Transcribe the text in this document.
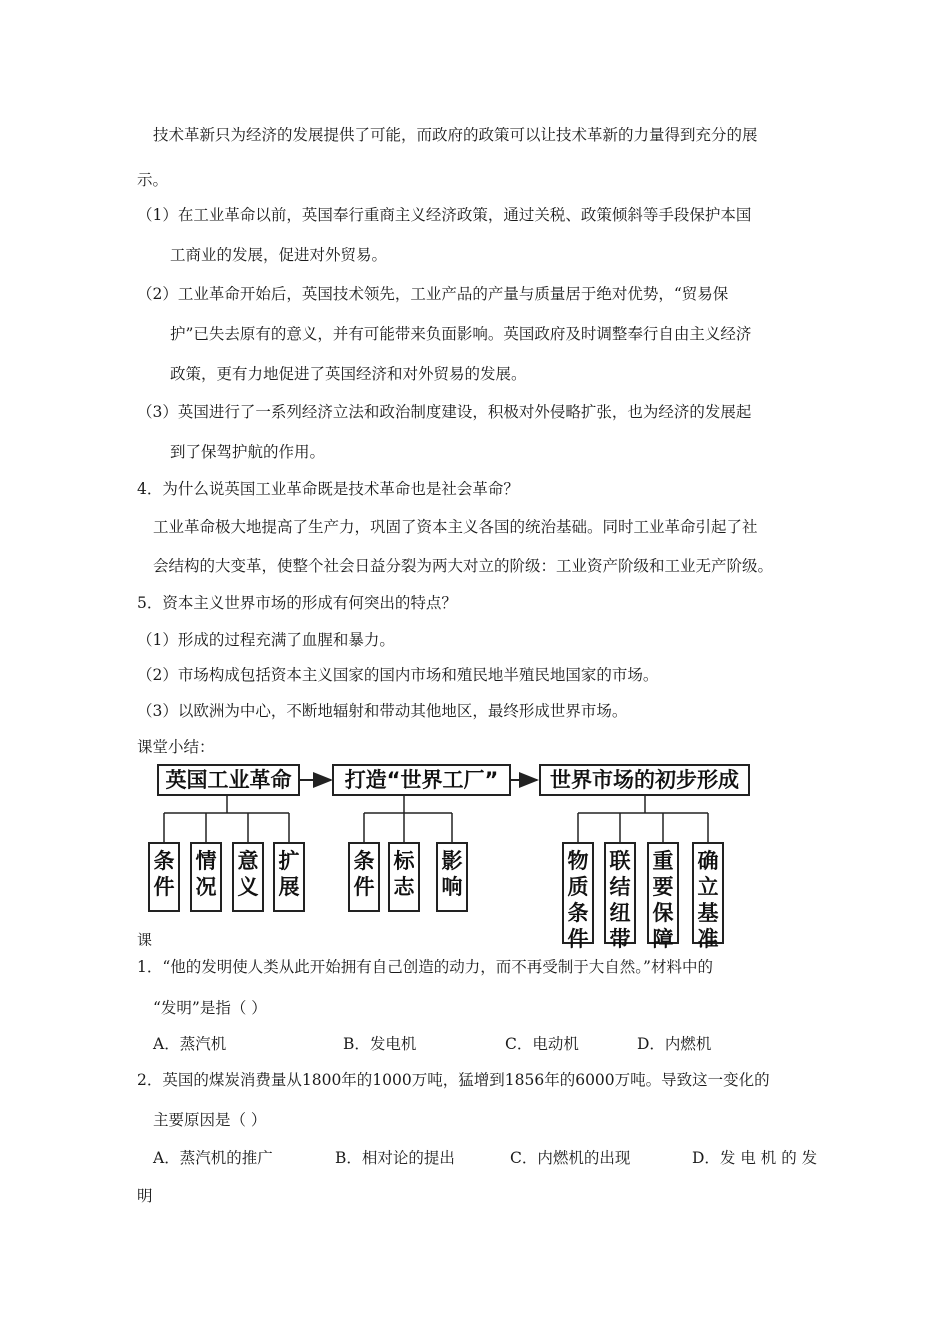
技术革新只为经济的发展提供了可能，而政府的政策可以让技术革新的力量得到充分的展
示。
（1）在工业革命以前，英国奉行重商主义经济政策，通过关税、政策倾斜等手段保护本国
工商业的发展，促进对外贸易。
（2）工业革命开始后，英国技术领先，工业产品的产量与质量居于绝对优势，“贸易保
护”已失去原有的意义，并有可能带来负面影响。英国政府及时调整奉行自由主义经济
政策，更有力地促进了英国经济和对外贸易的发展。
（3）英国进行了一系列经济立法和政治制度建设，积极对外侵略扩张，也为经济的发展起
到了保驾护航的作用。
4．为什么说英国工业革命既是技术革命也是社会革命？
工业革命极大地提高了生产力，巩固了资本主义各国的统治基础。同时工业革命引起了社
会结构的大变革，使整个社会日益分裂为两大对立的阶级：工业资产阶级和工业无产阶级。
5．资本主义世界市场的形成有何突出的特点？
（1）形成的过程充满了血腥和暴力。
（2）市场构成包括资本主义国家的国内市场和殖民地半殖民地国家的市场。
（3）以欧洲为中心，不断地辐射和带动其他地区，最终形成世界市场。
课堂小结：
英国工业革命	打造“世界工厂”	世界市场的初步形成
条
件
情
况
意
义
扩
展
条
件
标
志
影
响
物
质
条
件
联
结
纽
带
重
要
保
障
确
立
基
准
课
1．“他的发明使人类从此开始拥有自己创造的动力，而不再受制于大自然。”材料中的
“发明”是指（ ）
A．蒸汽机	B．发电机	C．电动机	D．内燃机
2．英国的煤炭消费量从1800年的1000万吨，猛增到1856年的6000万吨。导致这一变化的
主要原因是（ ）
A．蒸汽机的推广	B．相对论的提出	C．内燃机的出现	D．发 电 机 的 发
明
